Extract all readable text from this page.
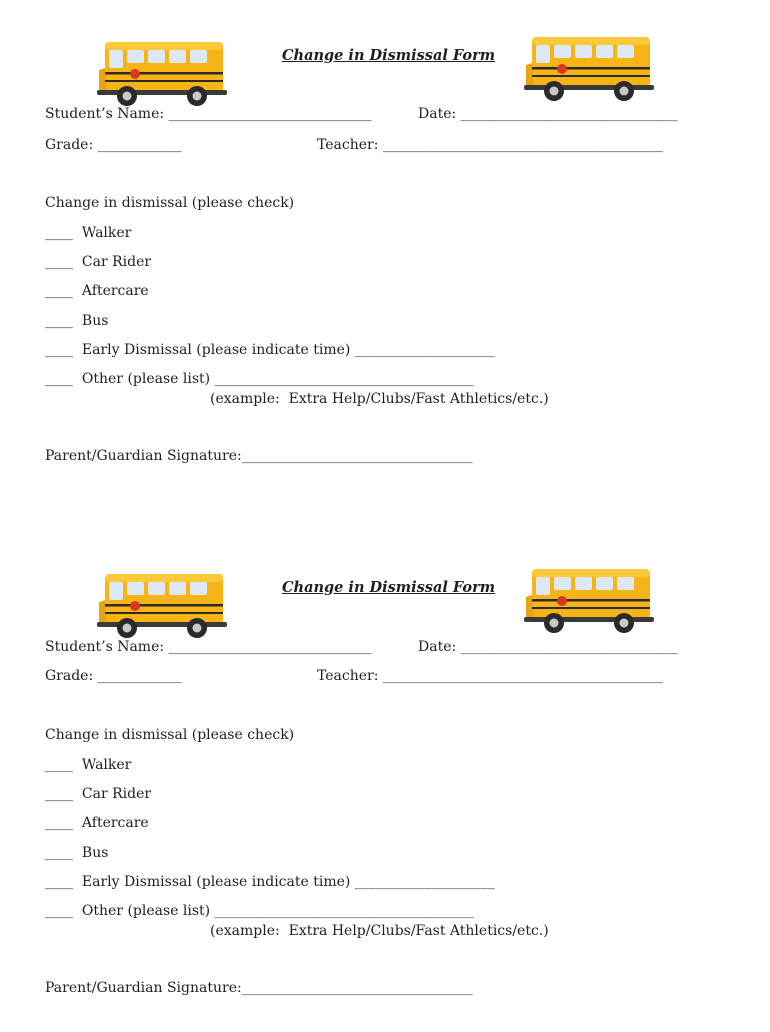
Change in Dismissal Form
Student’s Name: _____________________________	Date: _______________________________
Grade: ____________	Teacher: ________________________________________
Change in dismissal (please check)
____  Walker
____  Car Rider
____  Aftercare
____  Bus
____  Early Dismissal (please indicate time) ____________________
____  Other (please list) _____________________________________
(example:  Extra Help/Clubs/Fast Athletics/etc.)
Parent/Guardian Signature:_________________________________
Change in Dismissal Form
Student’s Name: _____________________________	Date: _______________________________
Grade: ____________	Teacher: ________________________________________
Change in dismissal (please check)
____  Walker
____  Car Rider
____  Aftercare
____  Bus
____  Early Dismissal (please indicate time) ____________________
____  Other (please list) _____________________________________
(example:  Extra Help/Clubs/Fast Athletics/etc.)
Parent/Guardian Signature:_________________________________
